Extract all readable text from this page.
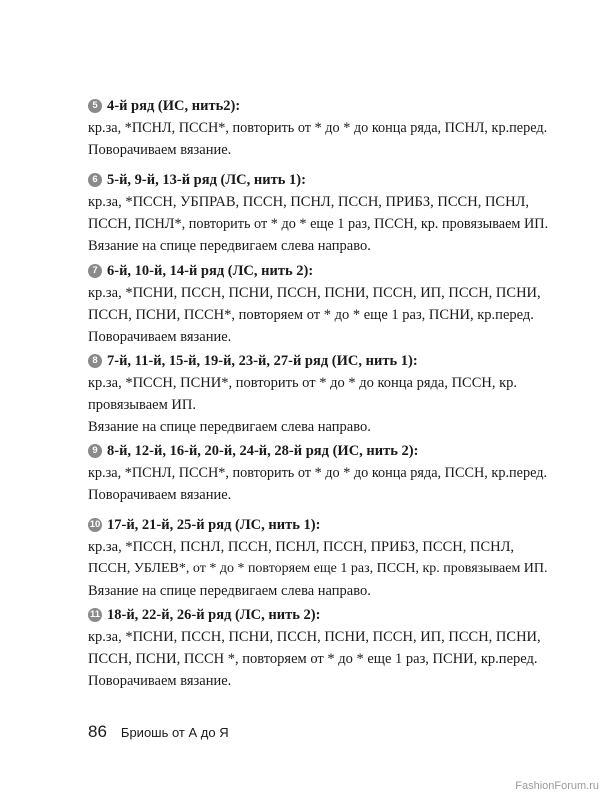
5 4-й ряд (ИС, нить2):
кр.за, *ПСНЛ, ПССН*, повторить от * до * до конца ряда, ПСНЛ, кр.перед.
Поворачиваем вязание.
6 5-й, 9-й, 13-й ряд (ЛС, нить 1):
кр.за, *ПССН, УБПРАВ, ПССН, ПСНЛ, ПССН, ПРИБЗ, ПССН, ПСНЛ,
ПССН, ПСНЛ*, повторить от * до * еще 1 раз, ПССН, кр. провязываем ИП.
Вязание на спице передвигаем слева направо.
7 6-й, 10-й, 14-й ряд (ЛС, нить 2):
кр.за, *ПСНИ, ПССН, ПСНИ, ПССН, ПСНИ, ПССН, ИП, ПССН, ПСНИ,
ПССН, ПСНИ, ПССН*, повторяем от * до * еще 1 раз, ПСНИ, кр.перед.
Поворачиваем вязание.
8 7-й, 11-й, 15-й, 19-й, 23-й, 27-й ряд (ИС, нить 1):
кр.за, *ПССН, ПСНИ*, повторить от * до * до конца ряда, ПССН, кр.
провязываем ИП.
Вязание на спице передвигаем слева направо.
9 8-й, 12-й, 16-й, 20-й, 24-й, 28-й ряд (ИС, нить 2):
кр.за, *ПСНЛ, ПССН*, повторить от * до * до конца ряда, ПССН, кр.перед.
Поворачиваем вязание.
10 17-й, 21-й, 25-й ряд (ЛС, нить 1):
кр.за, *ПССН, ПСНЛ, ПССН, ПСНЛ, ПССН, ПРИБЗ, ПССН, ПСНЛ,
ПССН, УБЛЕВ*, от * до * повторяем еще 1 раз, ПССН, кр. провязываем ИП.
Вязание на спице передвигаем слева направо.
11 18-й, 22-й, 26-й ряд (ЛС, нить 2):
кр.за, *ПСНИ, ПССН, ПСНИ, ПССН, ПСНИ, ПССН, ИП, ПССН, ПСНИ,
ПССН, ПСНИ, ПССН *, повторяем от * до * еще 1 раз, ПСНИ, кр.перед.
Поворачиваем вязание.
86 Бриошь от А до Я
FashionForum.ru
